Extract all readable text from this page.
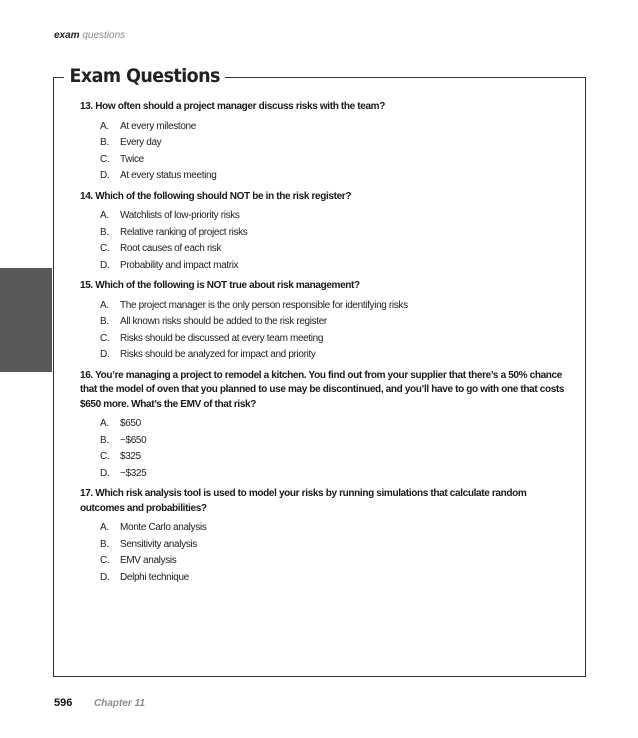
exam questions
Exam Questions

13. How often should a project manager discuss risks with the team?

A. At every milestone
B. Every day
C. Twice
D. At every status meeting

14. Which of the following should NOT be in the risk register?

A. Watchlists of low-priority risks
B. Relative ranking of project risks
C. Root causes of each risk
D. Probability and impact matrix

15. Which of the following is NOT true about risk management?

A. The project manager is the only person responsible for identifying risks
B. All known risks should be added to the risk register
C. Risks should be discussed at every team meeting
D. Risks should be analyzed for impact and priority

16. You’re managing a project to remodel a kitchen. You find out from your supplier that there’s a 50% chance that the model of oven that you planned to use may be discontinued, and you’ll have to go with one that costs $650 more. What’s the EMV of that risk?

A. $650
B. −$650
C. $325
D. −$325

17. Which risk analysis tool is used to model your risks by running simulations that calculate random outcomes and probabilities?

A. Monte Carlo analysis
B. Sensitivity analysis
C. EMV analysis
D. Delphi technique
596 Chapter 11
